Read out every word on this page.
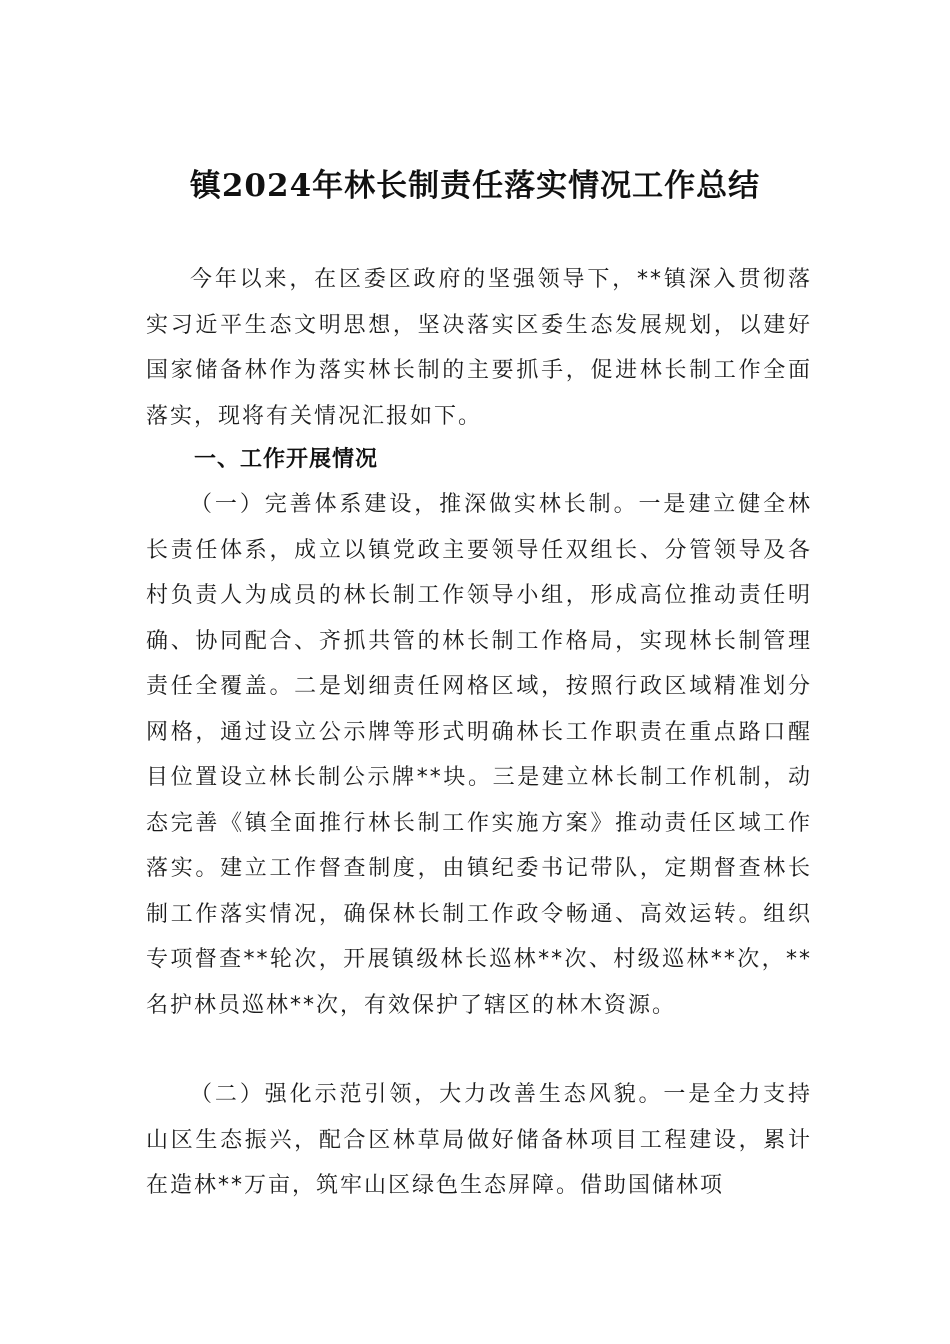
镇2024年林长制责任落实情况工作总结

今年以来，在区委区政府的坚强领导下，**镇深入贯彻落实习近平生态文明思想，坚决落实区委生态发展规划，以建好国家储备林作为落实林长制的主要抓手，促进林长制工作全面落实，现将有关情况汇报如下。

一、工作开展情况

（一）完善体系建设，推深做实林长制。一是建立健全林长责任体系，成立以镇党政主要领导任双组长、分管领导及各村负责人为成员的林长制工作领导小组，形成高位推动责任明确、协同配合、齐抓共管的林长制工作格局，实现林长制管理责任全覆盖。二是划细责任网格区域，按照行政区域精准划分网格，通过设立公示牌等形式明确林长工作职责在重点路口醒目位置设立林长制公示牌**块。三是建立林长制工作机制，动态完善《镇全面推行林长制工作实施方案》推动责任区域工作落实。建立工作督查制度，由镇纪委书记带队，定期督查林长制工作落实情况，确保林长制工作政令畅通、高效运转。组织专项督查**轮次，开展镇级林长巡林**次、村级巡林**次，**名护林员巡林**次，有效保护了辖区的林木资源。

（二）强化示范引领，大力改善生态风貌。一是全力支持山区生态振兴，配合区林草局做好储备林项目工程建设，累计在造林**万亩，筑牢山区绿色生态屏障。借助国储林项
